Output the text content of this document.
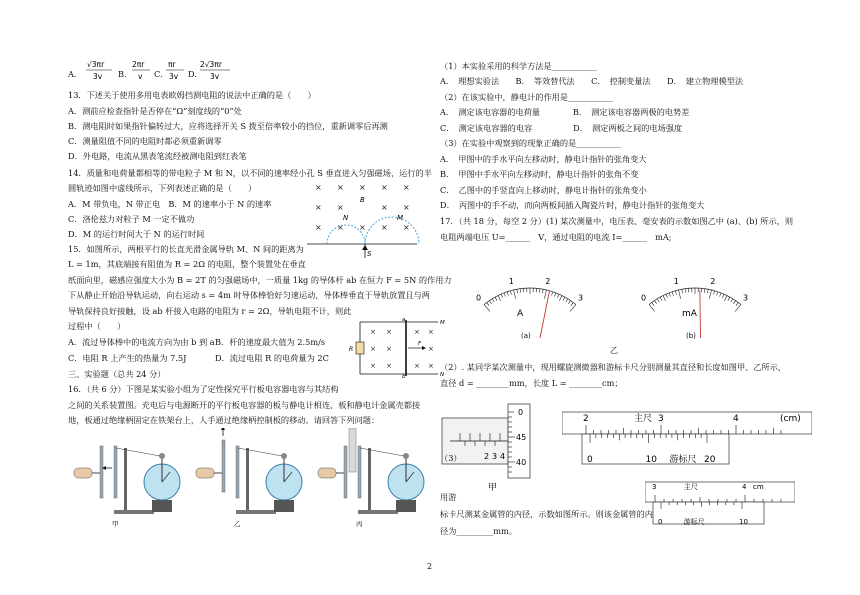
A.
√3πr
3v B.
2πr
v C.
πr
3v D.
2√3πr
3v
13．下述关于使用多用电表欧姆挡测电阻的说法中正确的是（　　）
A．测前应检查指针是否停在“Ω”刻度线的“0”处
B．测电阻时如果指针偏转过大，应将选择开关 S 拨至倍率较小的挡位，重新调零后再测
C．测量阻值不同的电阻时都必须重新调零
D．外电路，电流从黑表笔流经被测电阻到红表笔
14．质量和电荷量都相等的带电粒子 M 和 N，以不同的速率经小孔 S 垂直进入匀强磁场，运行的半
圆轨迹如图中虚线所示，下列表述正确的是（　　）
A．M 带负电，N 带正电　B．M 的速率小于 N 的速率
C．洛伦兹力对粒子 M 一定不做功
D．M 的运行时间大于 N 的运行时间
× × × × ×
× ×	× ×
× × × × ×
B
N	M
S
15．如图所示，两根平行的长直光滑金属导轨 M、N 间的距离为
L = 1m，其底端接有阻值为 R = 2Ω 的电阻，整个装置处在垂直
纸面向里，磁感应强度大小为 B = 2T 的匀强磁场中，一质量 1kg 的导体杆 ab 在恒力 F = 5N 的作用力
下从静止开始沿导轨运动，向右运动 s = 4m 时导体棒恰好匀速运动，导体棒垂直于导轨放置且与两
导轨保持良好接触，设 ab 杆接入电路的电阻为 r = 2Ω，导轨电阻不计，则此
过程中（　　）
A．流过导体棒中的电流方向为由 b 到 a B．杆的速度最大值为 2.5m/s
C．电阻 R 上产生的热量为 7.5J	D．流过电阻 R 的电荷量为 2C
× ×	× ×
× ×	×
× ×	× ×
R
a
b
F
M
N
三、实验题（总共 24 分）
16．（共 6 分）下图是某实验小组为了定性探究平行板电容器电容与其结构
之间的关系装置图。充电后与电源断开的平行板电容器的板与静电计相连，板和静电计金属壳都接
地，板通过绝缘柄固定在铁架台上，人手通过绝缘柄控制板的移动。请回答下列问题：
甲	乙	丙
（1）本实验采用的科学方法是___________
A．　理想实验法　　B．　等效替代法　　C．　控制变量法　　D．　建立物理模型法
（2）在该实验中，静电计的作用是___________
A．　测定该电容器的电荷量　　　　B．　测定该电容器两极的电势差
C．　测定该电容器的电容　　　　　D．　测定两板之间的电场强度
（3）在实验中观察到的现象正确的是___________
A．　甲图中的手水平向左移动时，静电计指针的张角变大
B．　甲图中手水平向左移动时，静电计指针的张角不变
C．　乙图中的手竖直向上移动时，静电计指针的张角变小
D．　丙图中的手不动，而向两板间插入陶瓷片时，静电计指针的张角变大
17．（共 18 分，每空 2 分）(1) 某次测量中，电压表、毫安表的示数如图乙中 (a)、(b) 所示，则
电阻两端电压 U=______　V，通过电阻的电流 I=______　mA;
0
1	2
3
A
(a)
0
1	2
3
mA
(b)
乙
（2）. 某同学某次测量中，现用螺旋测微器和游标卡尺分别测量其直径和长度如图甲、乙所示，
直径 d = ________mm，长度 L = ________cm；
2 3 4
0
45
40
甲
2	3	4
主尺	(cm)
0	10	20
游标尺
（3）
用游
标卡尺测某金属管的内径，示数如图所示。则该金属管的内
径为_________mm。
3	4
主尺	cm
0	10
游标尺
2
